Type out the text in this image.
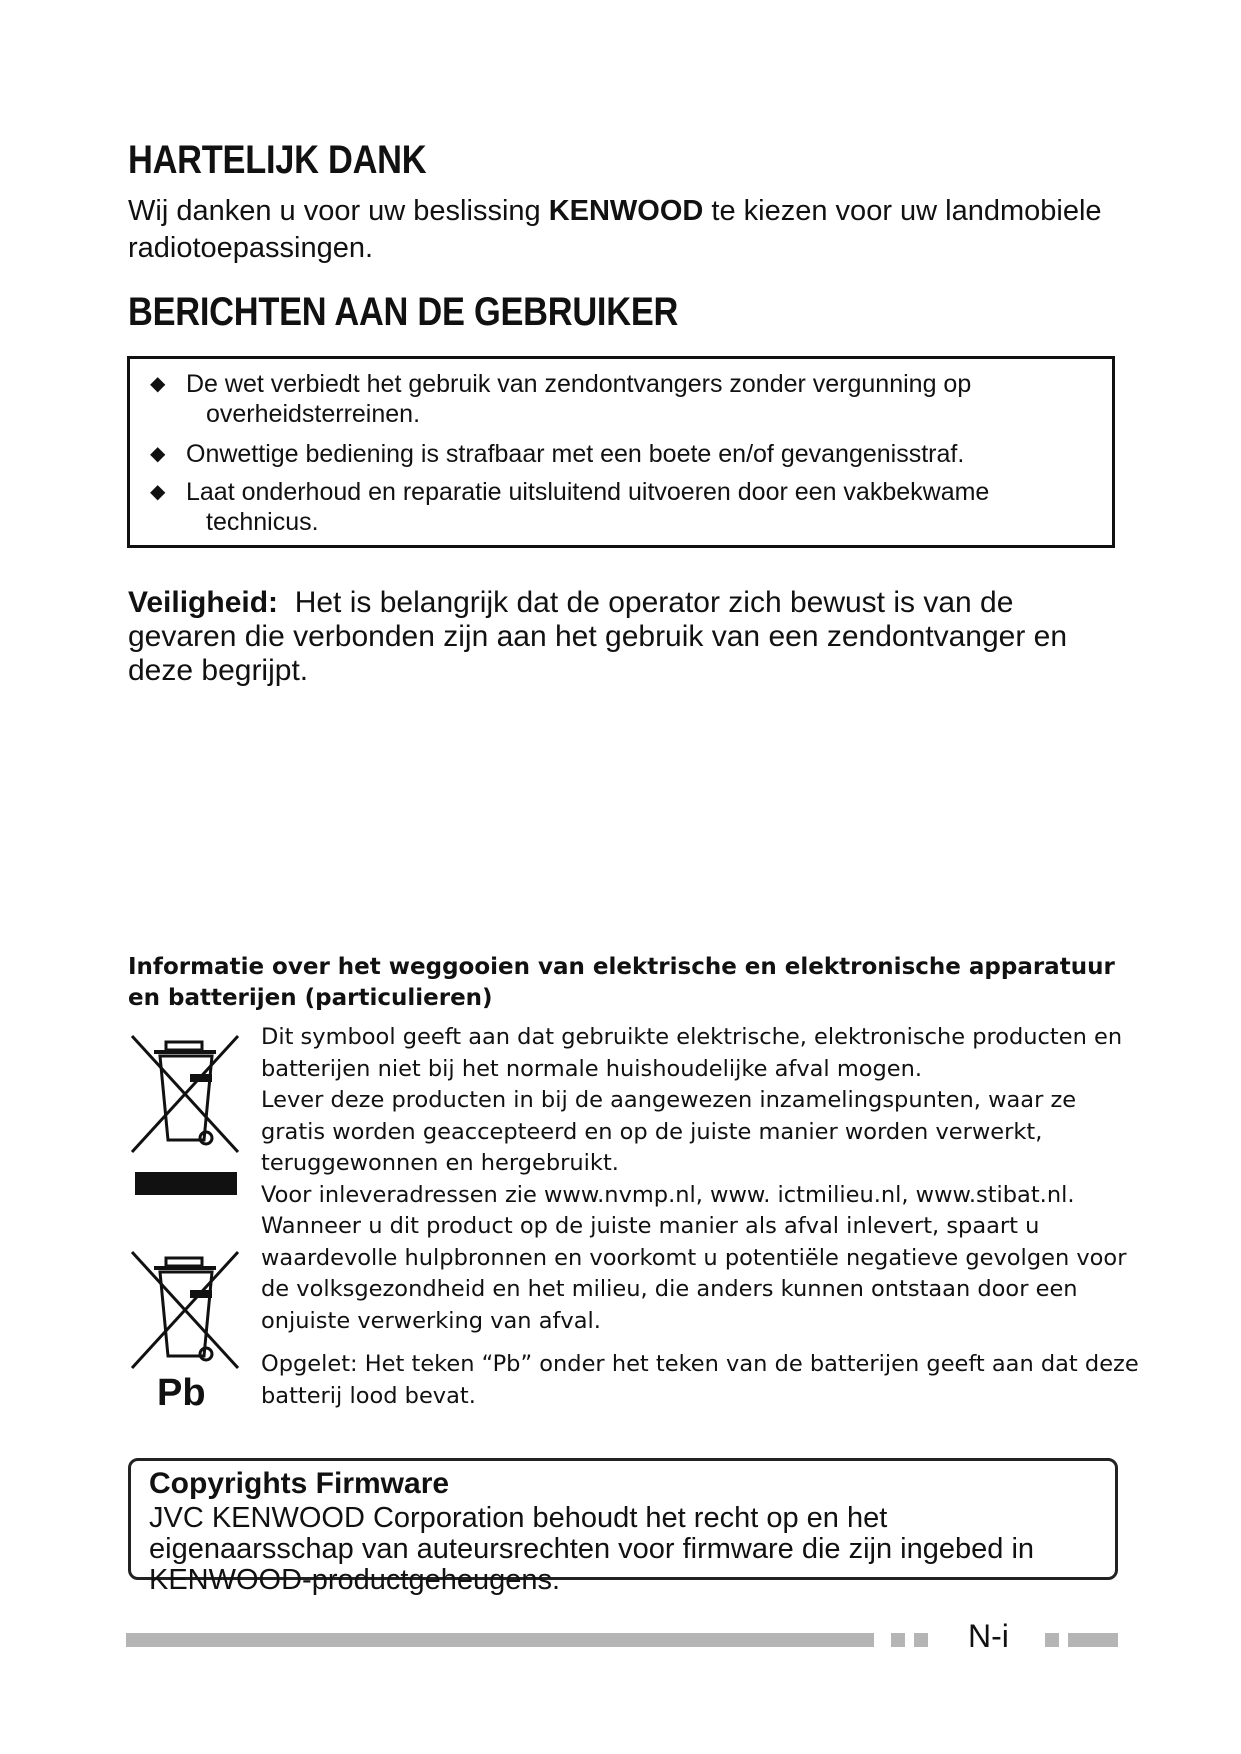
HARTELIJK DANK

Wij danken u voor uw beslissing KENWOOD te kiezen voor uw landmobiele radiotoepassingen.

BERICHTEN AAN DE GEBRUIKER
◆ De wet verbiedt het gebruik van zendontvangers zonder vergunning op
overheidsterreinen.
◆ Onwettige bediening is strafbaar met een boete en/of gevangenisstraf.
◆ Laat onderhoud en reparatie uitsluitend uitvoeren door een vakbekwame
technicus.
Veiligheid: Het is belangrijk dat de operator zich bewust is van de gevaren die verbonden zijn aan het gebruik van een zendontvanger en deze begrijpt.
Informatie over het weggooien van elektrische en elektronische apparatuur en batterijen (particulieren)
Pb

Dit symbool geeft aan dat gebruikte elektrische, elektronische producten en batterijen niet bij het normale huishoudelijke afval mogen.

Lever deze producten in bij de aangewezen inzamelingspunten, waar ze gratis worden geaccepteerd en op de juiste manier worden verwerkt, teruggewonnen en hergebruikt.

Voor inleveradressen zie www.nvmp.nl, www. ictmilieu.nl, www.stibat.nl.

Wanneer u dit product op de juiste manier als afval inlevert, spaart u waardevolle hulpbronnen en voorkomt u potentiële negatieve gevolgen voor de volksgezondheid en het milieu, die anders kunnen ontstaan door een onjuiste verwerking van afval.

Opgelet: Het teken “Pb” onder het teken van de batterijen geeft aan dat deze batterij lood bevat.

Copyrights Firmware
JVC KENWOOD Corporation behoudt het recht op en het eigenaarsschap van auteursrechten voor firmware die zijn ingebed in KENWOOD-productgeheugens.
N-i
